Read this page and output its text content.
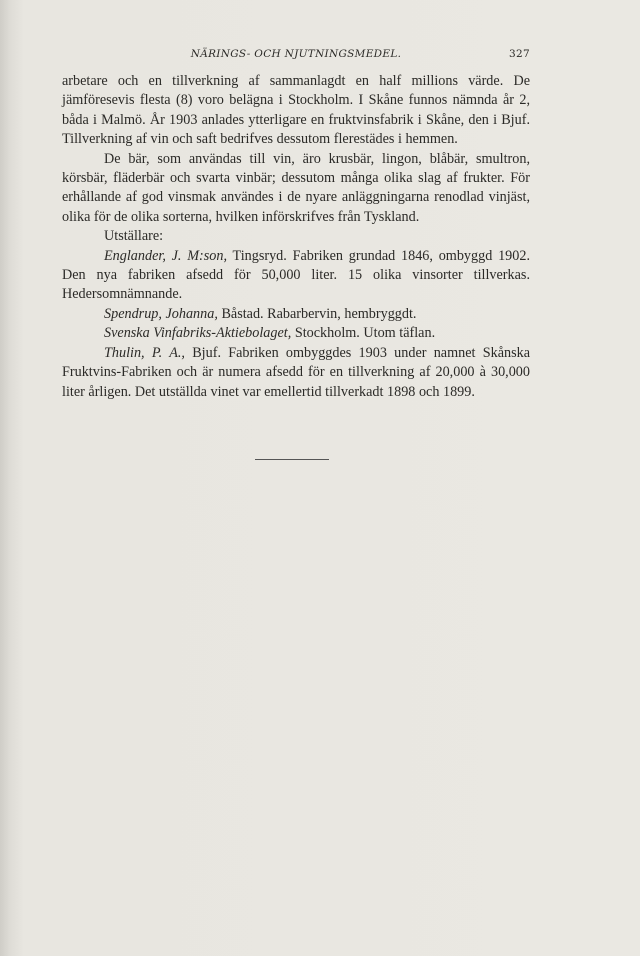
NÄRINGS- OCH NJUTNINGSMEDEL.	327

arbetare och en tillverkning af sammanlagdt en half millions värde. De jämföresevis flesta (8) voro belägna i Stockholm. I Skåne funnos nämnda år 2, båda i Malmö. År 1903 anlades ytterligare en fruktvinsfabrik i Skåne, den i Bjuf. Tillverkning af vin och saft bedrifves dessutom flerestädes i hemmen.

De bär, som användas till vin, äro krusbär, lingon, blåbär, smultron, körsbär, fläderbär och svarta vinbär; dessutom många olika slag af frukter. För erhållande af god vinsmak användes i de nyare anläggningarna renodlad vinjäst, olika för de olika sorterna, hvilken införskrifves från Tyskland.

Utställare:

Englander, J. M:son, Tingsryd. Fabriken grundad 1846, ombyggd 1902. Den nya fabriken afsedd för 50,000 liter. 15 olika vinsorter tillverkas. Hedersomnämnande.

Spendrup, Johanna, Båstad. Rabarbervin, hembryggdt.

Svenska Vinfabriks-Aktiebolaget, Stockholm. Utom täflan.

Thulin, P. A., Bjuf. Fabriken ombyggdes 1903 under namnet Skånska Fruktvins-Fabriken och är numera afsedd för en tillverkning af 20,000 à 30,000 liter årligen. Det utställda vinet var emellertid tillverkadt 1898 och 1899.
